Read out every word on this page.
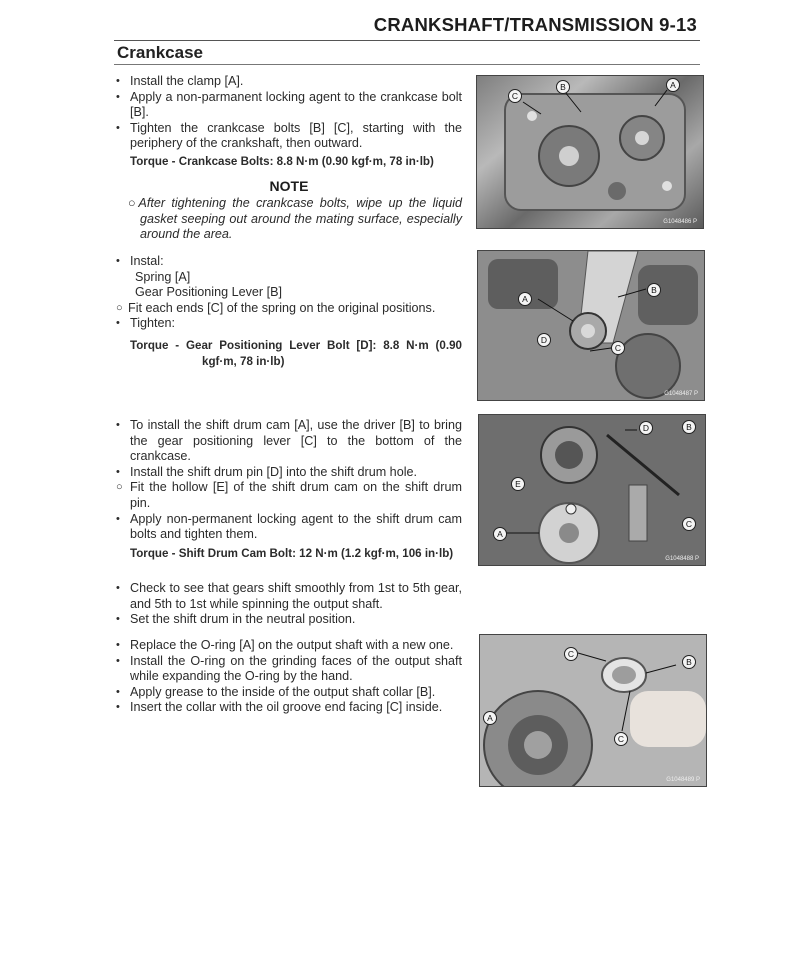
CRANKSHAFT/TRANSMISSION 9-13
Crankcase
• Install the clamp [A].
• Apply a non-parmanent locking agent to the crankcase bolt [B].
• Tighten the crankcase bolts [B] [C], starting with the periphery of the crankshaft, then outward.
Torque - Crankcase Bolts: 8.8 N·m (0.90 kgf·m, 78 in·lb)
NOTE
○After tightening the crankcase bolts, wipe up the liquid gasket seeping out around the mating surface, especially around the area.
• Instal:
Spring [A]
Gear Positioning Lever [B]
○ Fit each ends [C] of the spring on the original positions.
• Tighten:
Torque - Gear Positioning Lever Bolt [D]: 8.8 N·m (0.90 kgf·m, 78 in·lb)
• To install the shift drum cam [A], use the driver [B] to bring the gear positioning lever [C] to the bottom of the crankcase.
• Install the shift drum pin [D] into the shift drum hole.
○ Fit the hollow [E] of the shift drum cam on the shift drum pin.
• Apply non-permanent locking agent to the shift drum cam bolts and tighten them.
Torque - Shift Drum Cam Bolt: 12 N·m (1.2 kgf·m, 106 in·lb)
• Check to see that gears shift smoothly from 1st to 5th gear, and 5th to 1st while spinning the output shaft.
• Set the shift drum in the neutral position.
• Replace the O-ring [A] on the output shaft with a new one.
• Install the O-ring on the grinding faces of the output shaft while expanding the O-ring by the hand.
• Apply grease to the inside of the output shaft collar [B].
• Insert the collar with the oil groove end facing [C] inside.
A
B
C
G1048486 P
A
B
C
D
G1048487 P
A
B
C
D
E
G1048488 P
A
B
C
C
G1048489 P
